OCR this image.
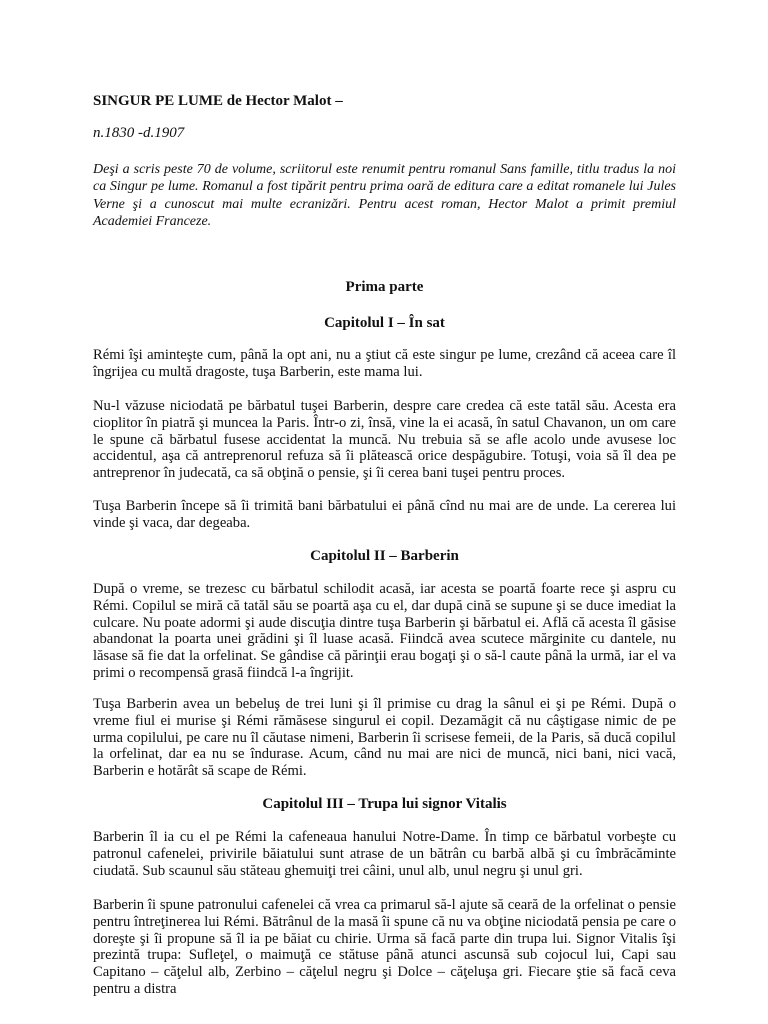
SINGUR PE LUME de Hector Malot –
n.1830 -d.1907
Deşi a scris peste 70 de volume, scriitorul este renumit pentru romanul Sans famille, titlu tradus la noi ca Singur pe lume. Romanul a fost tipărit pentru prima oară de editura care a editat romanele lui Jules Verne şi a cunoscut mai multe ecranizări. Pentru acest roman, Hector Malot a primit premiul Academiei Franceze.
Prima parte
Capitolul I – În sat
Rémi îşi aminteşte cum, până la opt ani, nu a ştiut că este singur pe lume, crezând că aceea care îl îngrijea cu multă dragoste, tuşa Barberin, este mama lui.
Nu-l văzuse niciodată pe bărbatul tuşei Barberin, despre care credea că este tatăl său. Acesta era cioplitor în piatră şi muncea la Paris. Într-o zi, însă, vine la ei acasă, în satul Chavanon, un om care le spune că bărbatul fusese accidentat la muncă. Nu trebuia să se afle acolo unde avusese loc accidentul, aşa că antreprenorul refuza să îi plătească orice despăgubire. Totuşi, voia să îl dea pe antreprenor în judecată, ca să obţină o pensie, şi îi cerea bani tuşei pentru proces.
Tuşa Barberin începe să îi trimită bani bărbatului ei până cînd nu mai are de unde. La cererea lui vinde şi vaca, dar degeaba.
Capitolul II – Barberin
După o vreme, se trezesc cu bărbatul schilodit acasă, iar acesta se poartă foarte rece şi aspru cu Rémi. Copilul se miră că tatăl său se poartă aşa cu el, dar după cină se supune şi se duce imediat la culcare. Nu poate adormi şi aude discuţia dintre tuşa Barberin şi bărbatul ei. Află că acesta îl găsise abandonat la poarta unei grădini şi îl luase acasă. Fiindcă avea scutece mărginite cu dantele, nu lăsase să fie dat la orfelinat. Se gândise că părinţii erau bogaţi şi o să-l caute până la urmă, iar el va primi o recompensă grasă fiindcă l-a îngrijit.
Tuşa Barberin avea un bebeluş de trei luni şi îl primise cu drag la sânul ei şi pe Rémi. După o vreme fiul ei murise şi Rémi rămăsese singurul ei copil. Dezamăgit că nu câştigase nimic de pe urma copilului, pe care nu îl căutase nimeni, Barberin îi scrisese femeii, de la Paris, să ducă copilul la orfelinat, dar ea nu se îndurase. Acum, când nu mai are nici de muncă, nici bani, nici vacă, Barberin e hotărât să scape de Rémi.
Capitolul III – Trupa lui signor Vitalis
Barberin îl ia cu el pe Rémi la cafeneaua hanului Notre-Dame. În timp ce bărbatul vorbeşte cu patronul cafenelei, privirile băiatului sunt atrase de un bătrân cu barbă albă şi cu îmbrăcăminte ciudată. Sub scaunul său stăteau ghemuiţi trei câini, unul alb, unul negru şi unul gri.
Barberin îi spune patronului cafenelei că vrea ca primarul să-l ajute să ceară de la orfelinat o pensie pentru întreţinerea lui Rémi. Bătrânul de la masă îi spune că nu va obţine niciodată pensia pe care o doreşte şi îi propune să îl ia pe băiat cu chirie. Urma să facă parte din trupa lui. Signor Vitalis îşi prezintă trupa: Sufleţel, o maimuţă ce stătuse până atunci ascunsă sub cojocul lui, Capi sau Capitano – căţelul alb, Zerbino – căţelul negru şi Dolce – căţeluşa gri. Fiecare ştie să facă ceva pentru a distra
